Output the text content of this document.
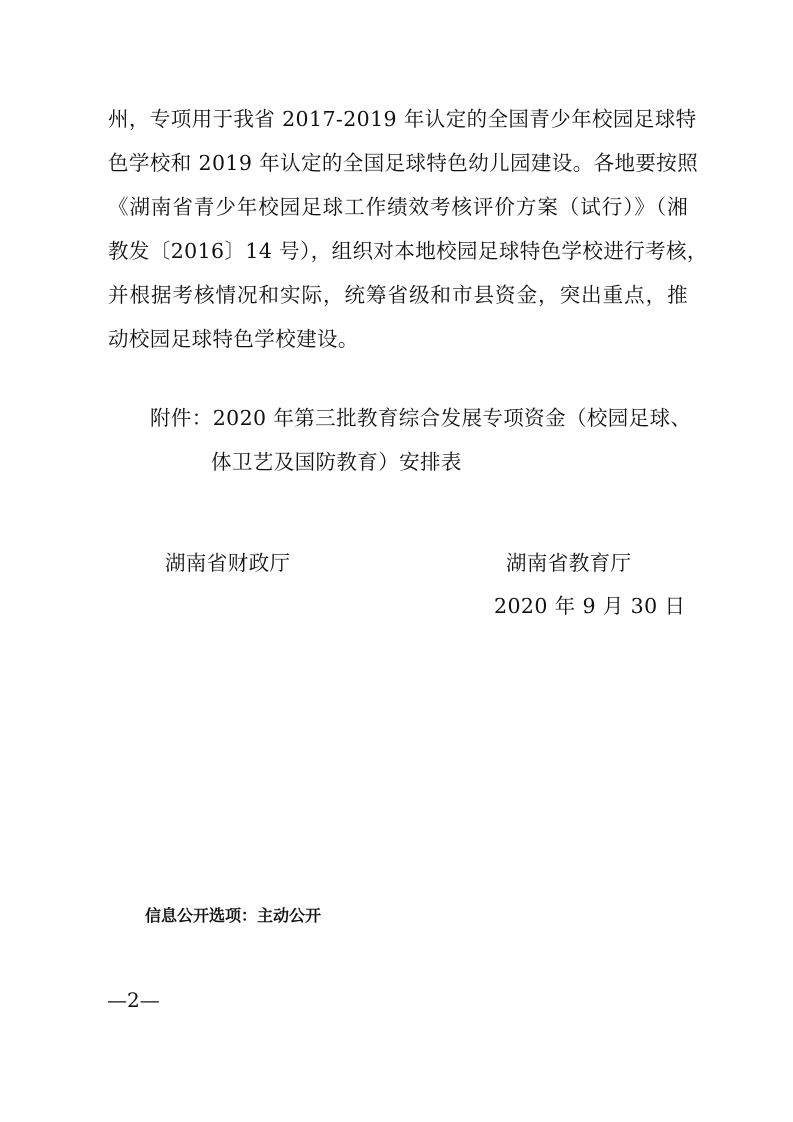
州，专项用于我省 2017-2019 年认定的全国青少年校园足球特
色学校和 2019 年认定的全国足球特色幼儿园建设。各地要按照
《湖南省青少年校园足球工作绩效考核评价方案（试行）》（湘
教发〔2016〕14 号），组织对本地校园足球特色学校进行考核，
并根据考核情况和实际，统筹省级和市县资金，突出重点，推
动校园足球特色学校建设。
附件：2020 年第三批教育综合发展专项资金（校园足球、
体卫艺及国防教育）安排表
湖南省财政厅	湖南省教育厅
2020 年 9 月 30 日
信息公开选项：主动公开
—2—
